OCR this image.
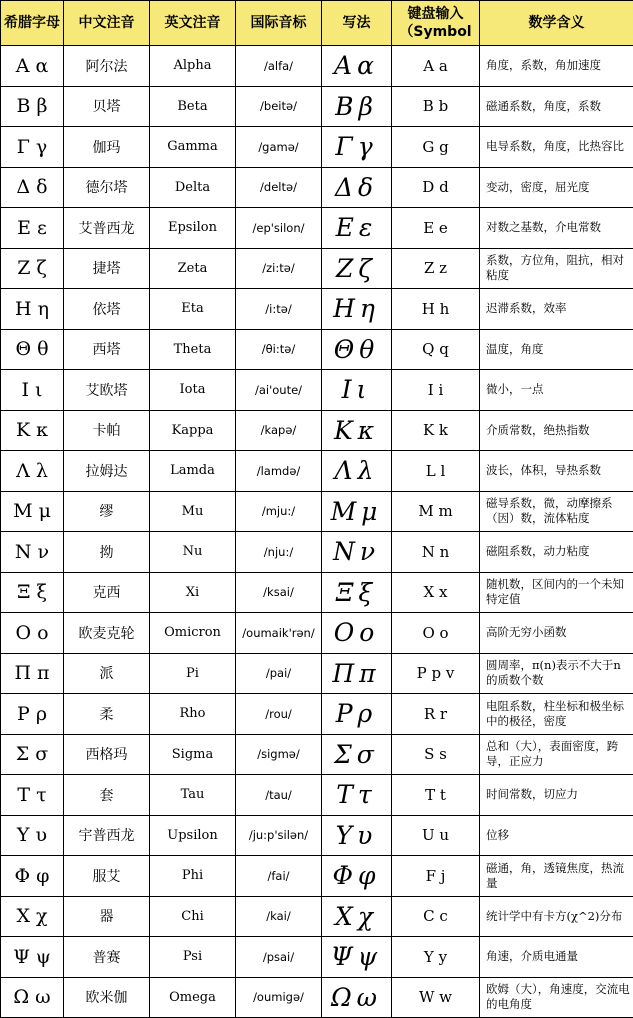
希腊字母	中文注音	英文注音	国际音标	写法	键盘输入（Symbol	数学含义
Α α	阿尔法	Alpha	/alfa/	Aα	A a	角度，系数，角加速度
Β β	贝塔	Beta	/beitə/	Bβ	B b	磁通系数，角度，系数
Γ γ	伽玛	Gamma	/gamə/	Γγ	G g	电导系数，角度，比热容比
Δ δ	德尔塔	Delta	/deltə/	Δδ	D d	变动，密度，屈光度
Ε ε	艾普西龙	Epsilon	/ep'silon/	Εε	E e	对数之基数，介电常数
Ζ ζ	捷塔	Zeta	/zi:tə/	Ζζ	Z z	系数，方位角，阻抗，相对粘度
Η η	依塔	Eta	/i:tə/	Ηη	H h	迟滞系数，效率
Θ θ	西塔	Theta	/θi:tə/	Θθ	Q q	温度，角度
Ι ι	艾欧塔	Iota	/ai'oute/	Ιι	I i	微小，一点
Κ κ	卡帕	Kappa	/kapə/	Κκ	K k	介质常数，绝热指数
Λ λ	拉姆达	Lamda	/lamdə/	Λλ	L l	波长，体积，导热系数
Μ μ	缪	Mu	/mju:/	Μμ	M m	磁导系数，微，动摩擦系（因）数，流体粘度
Ν ν	拗	Nu	/nju:/	Νν	N n	磁阻系数，动力粘度
Ξ ξ	克西	Xi	/ksai/	Ξξ	X x	随机数，区间内的一个未知特定值
Ο ο	欧麦克轮	Omicron	/oumaik'rən/	Οο	O o	高阶无穷小函数
Π π	派	Pi	/pai/	Ππ	P p v	圆周率，π(n)表示不大于n的质数个数
Ρ ρ	柔	Rho	/rou/	Ρρ	R r	电阻系数，柱坐标和极坐标中的极径，密度
Σ σ	西格玛	Sigma	/sigmə/	Σσ	S s	总和（大），表面密度，跨导，正应力
Τ τ	套	Tau	/tau/	Ττ	T t	时间常数，切应力
Υ υ	宇普西龙	Upsilon	/ju:p'silən/	Υυ	U u	位移
Φ φ	服艾	Phi	/fai/	Φφ	F j	磁通，角，透镜焦度，热流量
Χ χ	器	Chi	/kai/	Χχ	C c	统计学中有卡方(χ^2)分布
Ψ ψ	普赛	Psi	/psai/	Ψψ	Y y	角速，介质电通量
Ω ω	欧米伽	Omega	/oumigə/	Ωω	W w	欧姆（大），角速度，交流电的电角度
